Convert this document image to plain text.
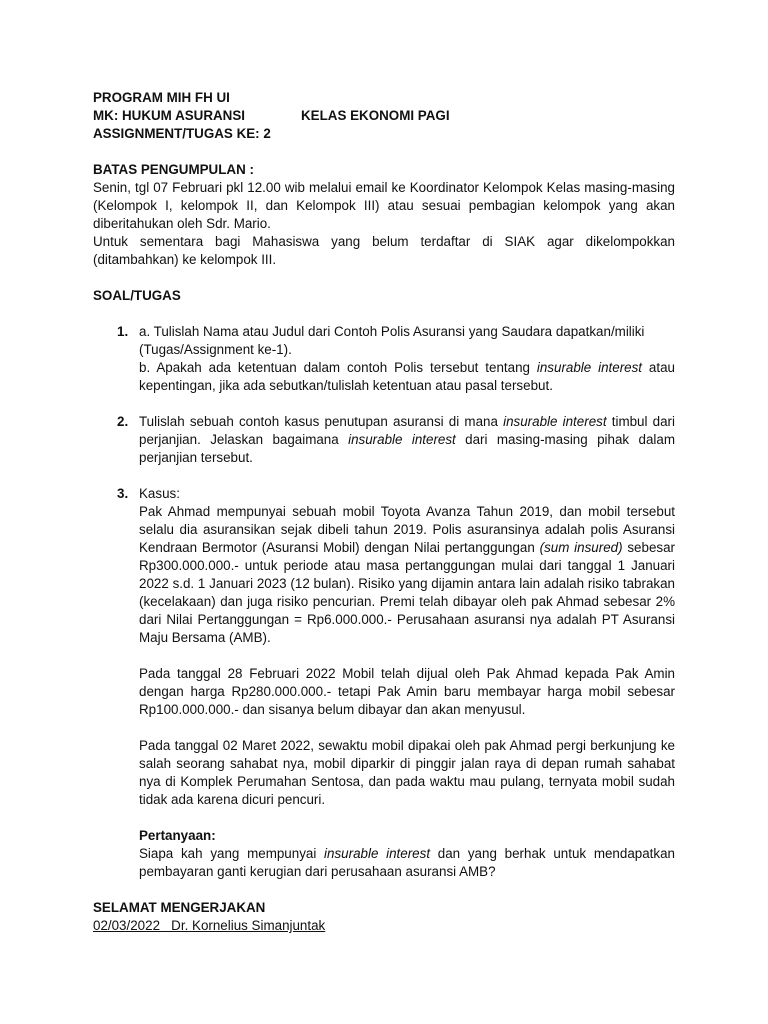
PROGRAM MIH FH UI
MK: HUKUM ASURANSI	KELAS EKONOMI PAGI
ASSIGNMENT/TUGAS KE: 2
BATAS PENGUMPULAN :

Senin, tgl 07 Februari pkl 12.00 wib melalui email ke Koordinator Kelompok Kelas masing-masing (Kelompok I, kelompok II, dan Kelompok III) atau sesuai pembagian kelompok yang akan diberitahukan oleh Sdr. Mario.

Untuk sementara bagi Mahasiswa yang belum terdaftar di SIAK agar dikelompokkan (ditambahkan) ke kelompok III.

SOAL/TUGAS
1. a. Tulislah Nama atau Judul dari Contoh Polis Asuransi yang Saudara dapatkan/miliki (Tugas/Assignment ke-1).

b. Apakah ada ketentuan dalam contoh Polis tersebut tentang insurable interest atau kepentingan, jika ada sebutkan/tulislah ketentuan atau pasal tersebut.

2. Tulislah sebuah contoh kasus penutupan asuransi di mana insurable interest timbul dari perjanjian. Jelaskan bagaimana insurable interest dari masing-masing pihak dalam perjanjian tersebut.

3. Kasus:

Pak Ahmad mempunyai sebuah mobil Toyota Avanza Tahun 2019, dan mobil tersebut selalu dia asuransikan sejak dibeli tahun 2019. Polis asuransinya adalah polis Asuransi Kendraan Bermotor (Asuransi Mobil) dengan Nilai pertanggungan (sum insured) sebesar Rp300.000.000.- untuk periode atau masa pertanggungan mulai dari tanggal 1 Januari 2022 s.d. 1 Januari 2023 (12 bulan). Risiko yang dijamin antara lain adalah risiko tabrakan (kecelakaan) dan juga risiko pencurian. Premi telah dibayar oleh pak Ahmad sebesar 2% dari Nilai Pertanggungan = Rp6.000.000.- Perusahaan asuransi nya adalah PT Asuransi Maju Bersama (AMB).

Pada tanggal 28 Februari 2022 Mobil telah dijual oleh Pak Ahmad kepada Pak Amin dengan harga Rp280.000.000.- tetapi Pak Amin baru membayar harga mobil sebesar Rp100.000.000.- dan sisanya belum dibayar dan akan menyusul.

Pada tanggal 02 Maret 2022, sewaktu mobil dipakai oleh pak Ahmad pergi berkunjung ke salah seorang sahabat nya, mobil diparkir di pinggir jalan raya di depan rumah sahabat nya di Komplek Perumahan Sentosa, dan pada waktu mau pulang, ternyata mobil sudah tidak ada karena dicuri pencuri.

Pertanyaan:

Siapa kah yang mempunyai insurable interest dan yang berhak untuk mendapatkan pembayaran ganti kerugian dari perusahaan asuransi AMB?

SELAMAT MENGERJAKAN
02/03/2022   Dr. Kornelius Simanjuntak
